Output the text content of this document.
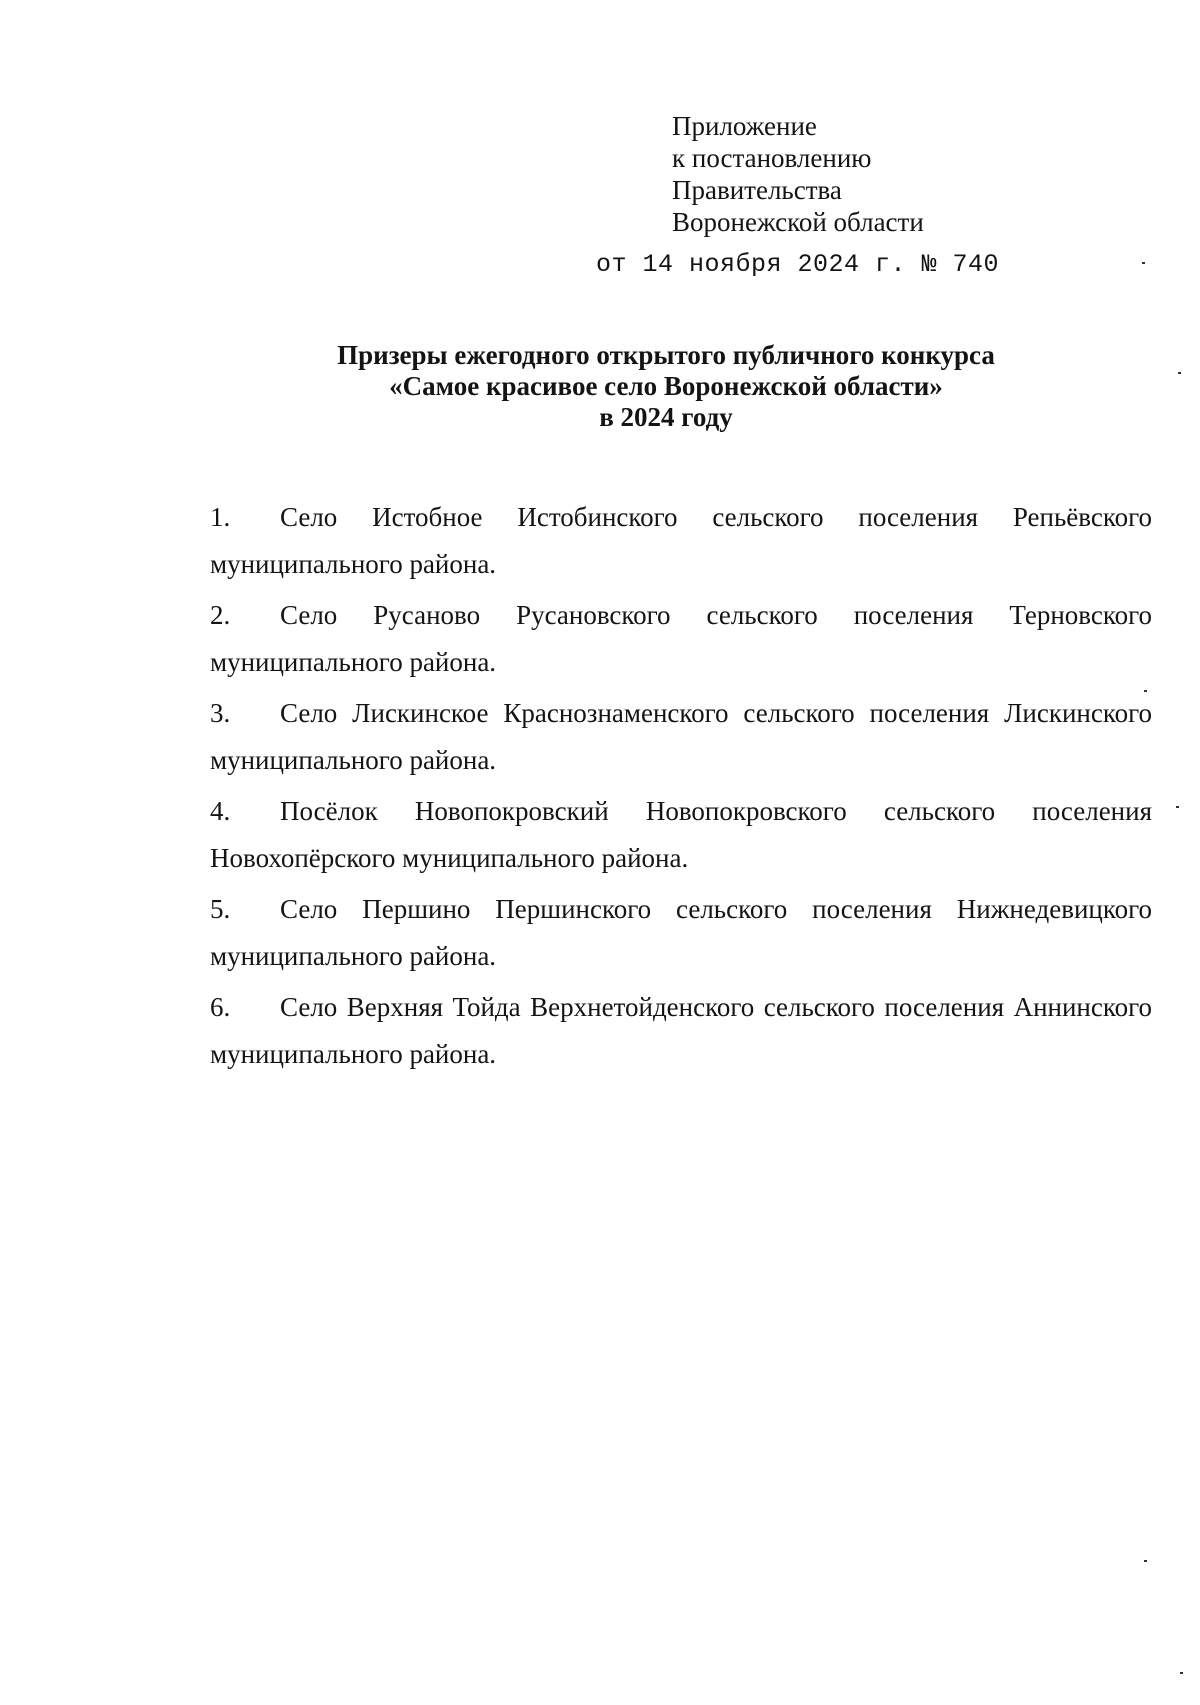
Приложение
к постановлению
Правительства
Воронежской области
от 14 ноября 2024 г. № 740
Призеры ежегодного открытого публичного конкурса
«Самое красивое село Воронежской области»
в 2024 году
1.	Село Истобное Истобинского сельского поселения Репьёвского муниципального района.
2.	Село Русаново Русановского сельского поселения Терновского муниципального района.
3.	Село Лискинское Краснознаменского сельского поселения Лискинского муниципального района.
4.	Посёлок Новопокровский Новопокровского сельского поселения Новохопёрского муниципального района.
5.	Село Першино Першинского сельского поселения Нижнедевицкого муниципального района.
6.	Село Верхняя Тойда Верхнетойденского сельского поселения Аннинского муниципального района.
